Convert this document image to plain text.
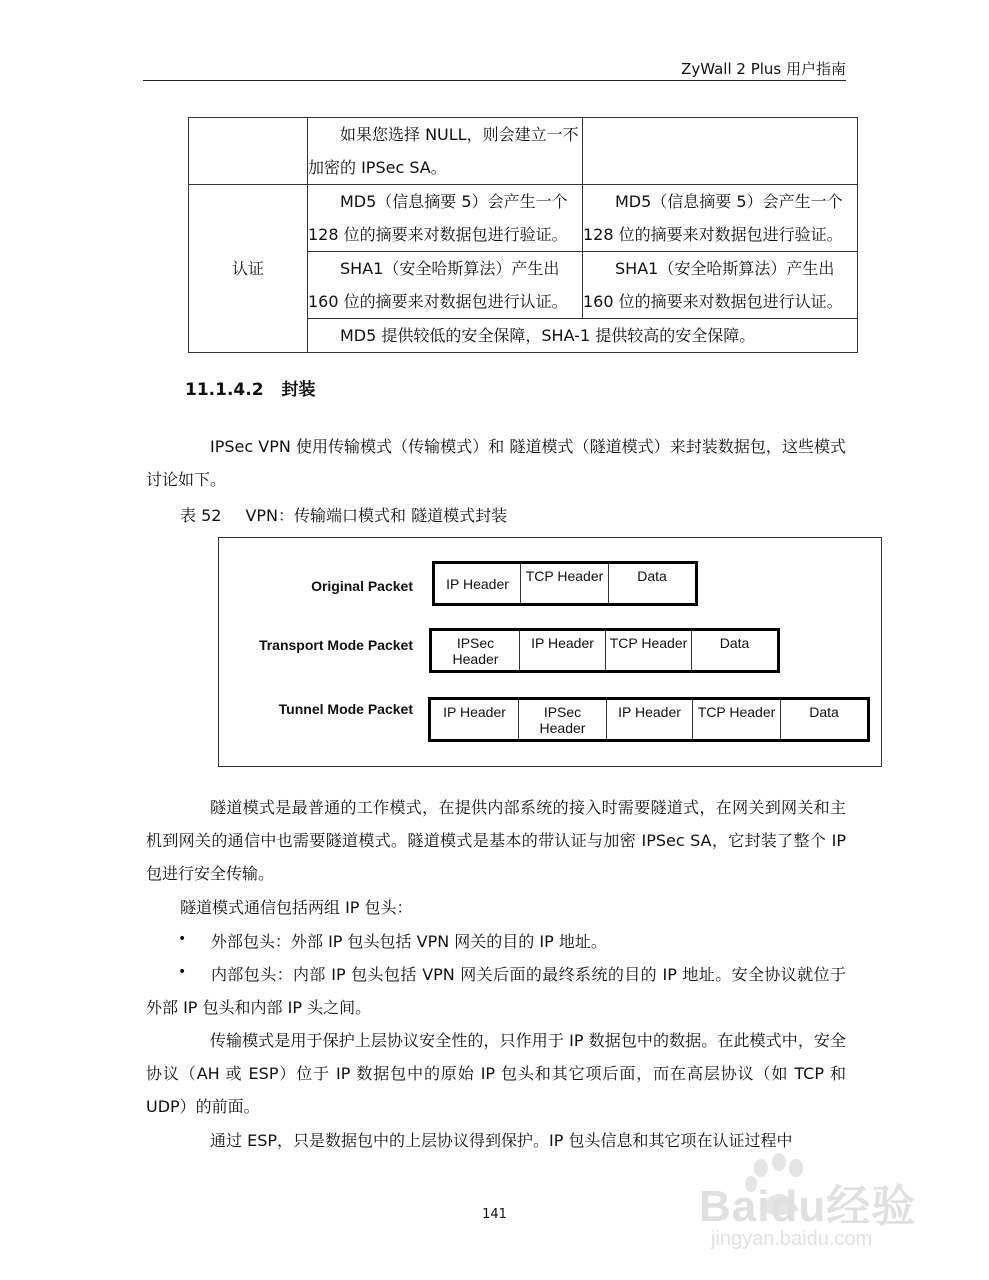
ZyWall 2 Plus 用户指南

	如果您选择 NULL，则会建立一不加密的 IPSec SA。	

认证	MD5（信息摘要 5）会产生一个128 位的摘要来对数据包进行验证。	MD5（信息摘要 5）会产生一个128 位的摘要来对数据包进行验证。

	SHA1（安全哈斯算法）产生出160 位的摘要来对数据包进行认证。	SHA1（安全哈斯算法）产生出160 位的摘要来对数据包进行认证。

	MD5 提供较低的安全保障，SHA-1 提供较高的安全保障。	
11.1.4.2 封装
IPSec VPN 使用传输模式（传输模式）和 隧道模式（隧道模式）来封装数据包，这些模式讨论如下。
表 52 VPN：传输端口模式和 隧道模式封装
Original Packet	IP Header	TCP Header	Data
Transport Mode Packet	IPSec Header
IP Header	TCP Header	Data
Tunnel Mode Packet	IP Header	IPSec Header
IP Header	TCP Header	Data
隧道模式是最普通的工作模式，在提供内部系统的接入时需要隧道式，在网关到网关和主机到网关的通信中也需要隧道模式。隧道模式是基本的带认证与加密 IPSec SA，它封装了整个 IP 包进行安全传输。
隧道模式通信包括两组 IP 包头：
• 外部包头：外部 IP 包头包括 VPN 网关的目的 IP 地址。
•	内部包头：内部 IP 包头包括 VPN 网关后面的最终系统的目的 IP 地址。安全协议就位于外部 IP 包头和内部 IP 头之间。
传输模式是用于保护上层协议安全性的，只作用于 IP 数据包中的数据。在此模式中，安全协议（AH 或 ESP）位于 IP 数据包中的原始 IP 包头和其它项后面，而在高层协议（如 TCP 和 UDP）的前面。
通过 ESP，只是数据包中的上层协议得到保护。IP 包头信息和其它项在认证过程中
141	Baidu经验
jingyan.baidu.com
